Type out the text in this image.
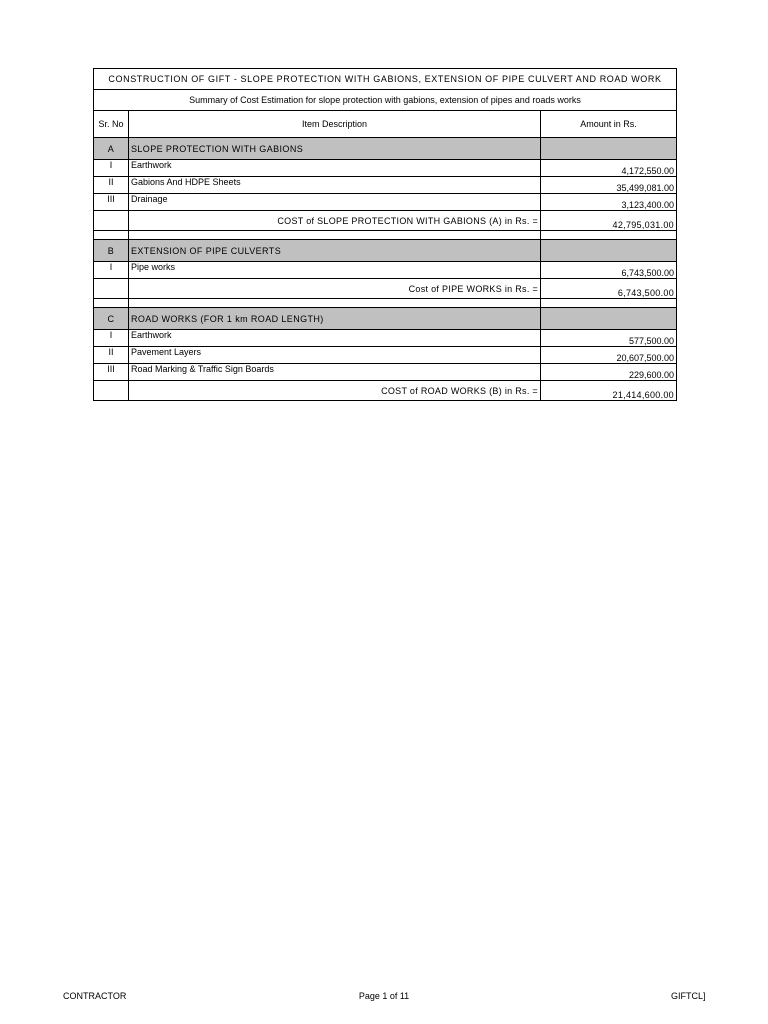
CONSTRUCTION OF GIFT - SLOPE PROTECTION WITH GABIONS, EXTENSION OF PIPE CULVERT AND ROAD WORK		
Summary of Cost Estimation for slope protection with gabions, extension of pipes and roads works		
Sr. No	Item Description	Amount in Rs.
A	SLOPE PROTECTION WITH GABIONS	
I	Earthwork	4,172,550.00
II	Gabions And HDPE Sheets	35,499,081.00
III	Drainage	3,123,400.00
	COST of SLOPE PROTECTION WITH GABIONS (A) in Rs. =	42,795,031.00

B	EXTENSION OF PIPE CULVERTS	
I	Pipe works	6,743,500.00
	Cost of PIPE WORKS in Rs. =	6,743,500.00

C	ROAD WORKS (FOR 1 km ROAD LENGTH)	
I	Earthwork	577,500.00
II	Pavement Layers	20,607,500.00
III	Road Marking & Traffic Sign Boards	229,600.00
	COST of ROAD WORKS (B) in Rs. =	21,414,600.00
CONTRACTOR	Page 1 of 11	GIFTCL]
